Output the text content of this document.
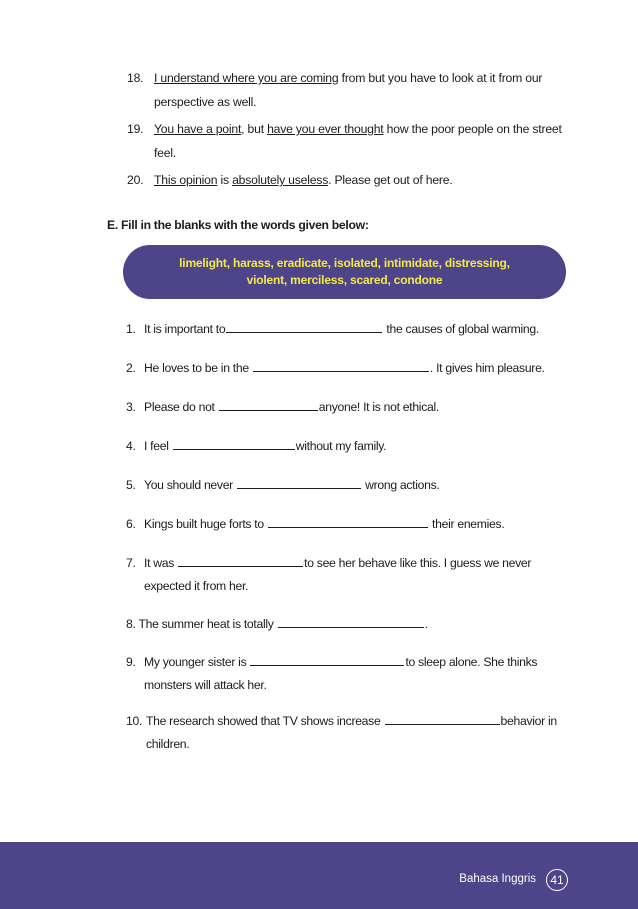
18. I understand where you are coming from but you have to look at it from our perspective as well.
19. You have a point, but have you ever thought how the poor people on the street feel.
20. This opinion is absolutely useless. Please get out of here.
E. Fill in the blanks with the words given below:
limelight, harass, eradicate, isolated, intimidate, distressing,
violent, merciless, scared, condone
1. It is important to	the causes of global warming.
2. He loves to be in the	. It gives him pleasure.
3. Please do not	anyone! It is not ethical.
4. I feel	without my family.
5. You should never	wrong actions.
6. Kings built huge forts to	their enemies.
7. It was	to see her behave like this. I guess we never expected it from her.
8. The summer heat is totally	.
9. My younger sister is	to sleep alone. She thinks monsters will attack her.
10. The research showed that TV shows increase	behavior in children.
Bahasa Inggris	41
